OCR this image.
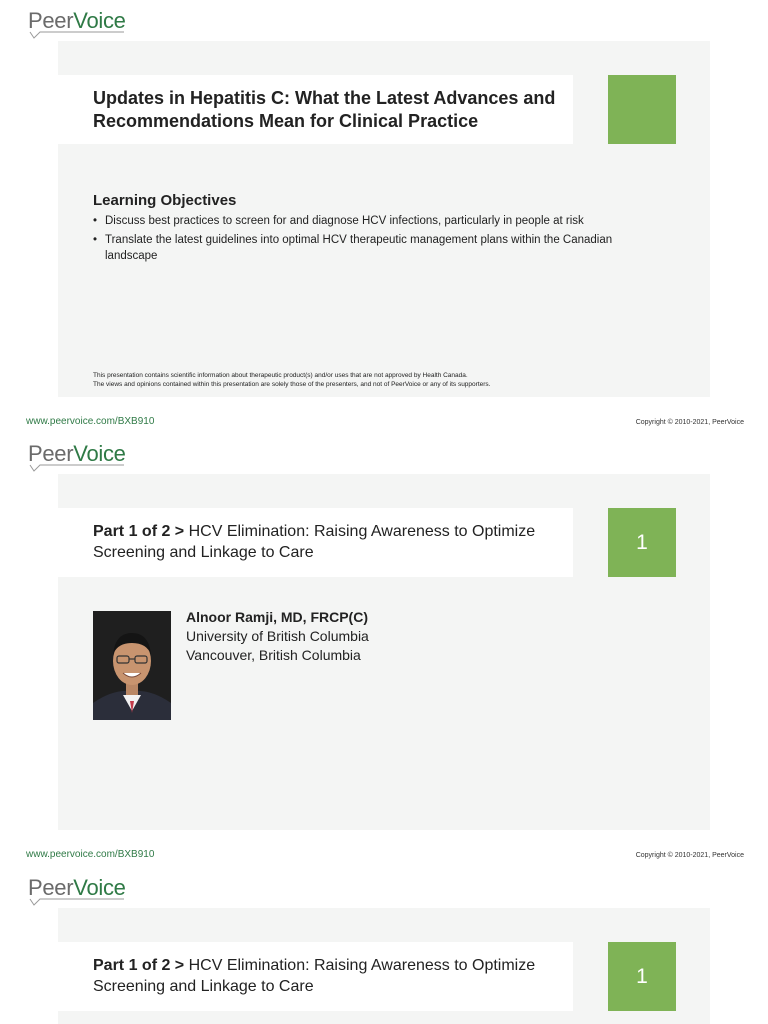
PeerVoice
Updates in Hepatitis C: What the Latest Advances and Recommendations Mean for Clinical Practice
Learning Objectives
• Discuss best practices to screen for and diagnose HCV infections, particularly in people at risk
• Translate the latest guidelines into optimal HCV therapeutic management plans within the Canadian landscape
This presentation contains scientific information about therapeutic product(s) and/or uses that are not approved by Health Canada.
The views and opinions contained within this presentation are solely those of the presenters, and not of PeerVoice or any of its supporters.
www.peervoice.com/BXB910	Copyright © 2010-2021, PeerVoice
PeerVoice
Part 1 of 2 > HCV Elimination: Raising Awareness to Optimize Screening and Linkage to Care	1
Alnoor Ramji, MD, FRCP(C)
University of British Columbia
Vancouver, British Columbia
www.peervoice.com/BXB910	Copyright © 2010-2021, PeerVoice
PeerVoice
Part 1 of 2 > HCV Elimination: Raising Awareness to Optimize Screening and Linkage to Care	1
